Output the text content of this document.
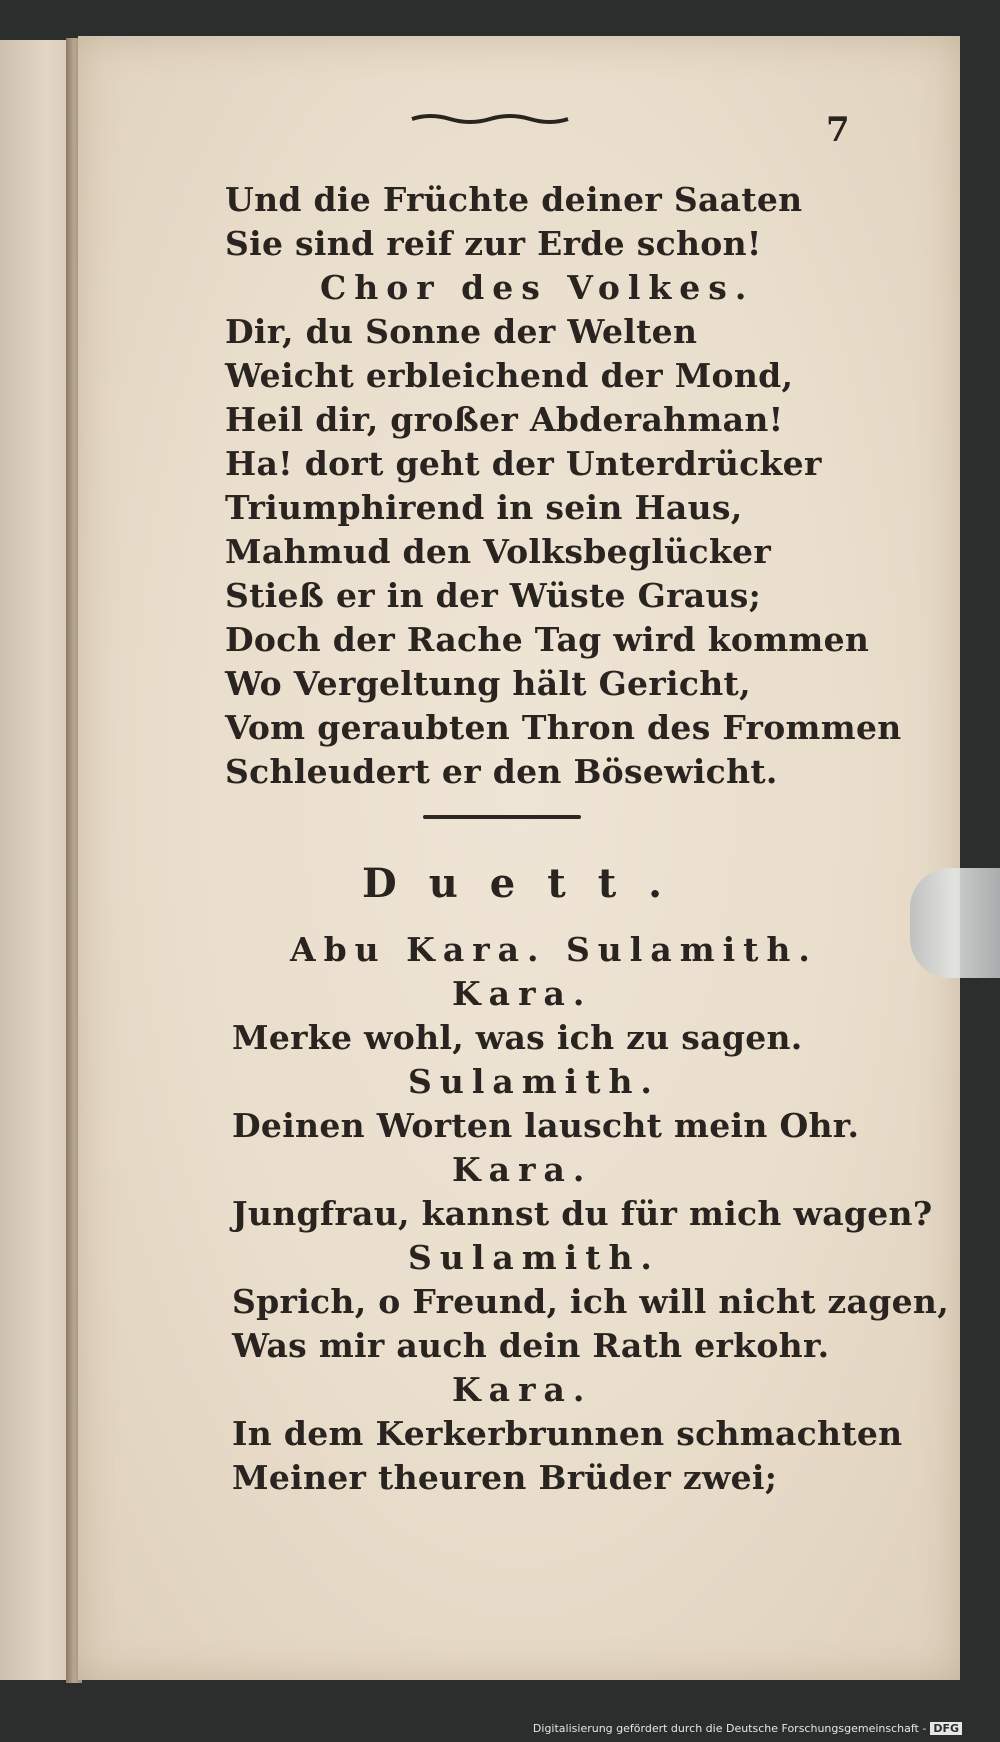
7
Und die Früchte deiner Saaten
Sie sind reif zur Erde schon!
Chor des Volkes.
Dir, du Sonne der Welten
Weicht erbleichend der Mond,
Heil dir, großer Abderahman!
Ha! dort geht der Unterdrücker
Triumphirend in sein Haus,
Mahmud den Volksbeglücker
Stieß er in der Wüste Graus;
Doch der Rache Tag wird kommen
Wo Vergeltung hält Gericht,
Vom geraubten Thron des Frommen
Schleudert er den Bösewicht.
Duett.
Abu Kara. Sulamith.
Kara.
Merke wohl, was ich zu sagen.
Sulamith.
Deinen Worten lauscht mein Ohr.
Kara.
Jungfrau, kannst du für mich wagen?
Sulamith.
Sprich, o Freund, ich will nicht zagen,
Was mir auch dein Rath erkohr.
Kara.
In dem Kerkerbrunnen schmachten
Meiner theuren Brüder zwei;
Digitalisierung gefördert durch die Deutsche Forschungsgemeinschaft - DFG
